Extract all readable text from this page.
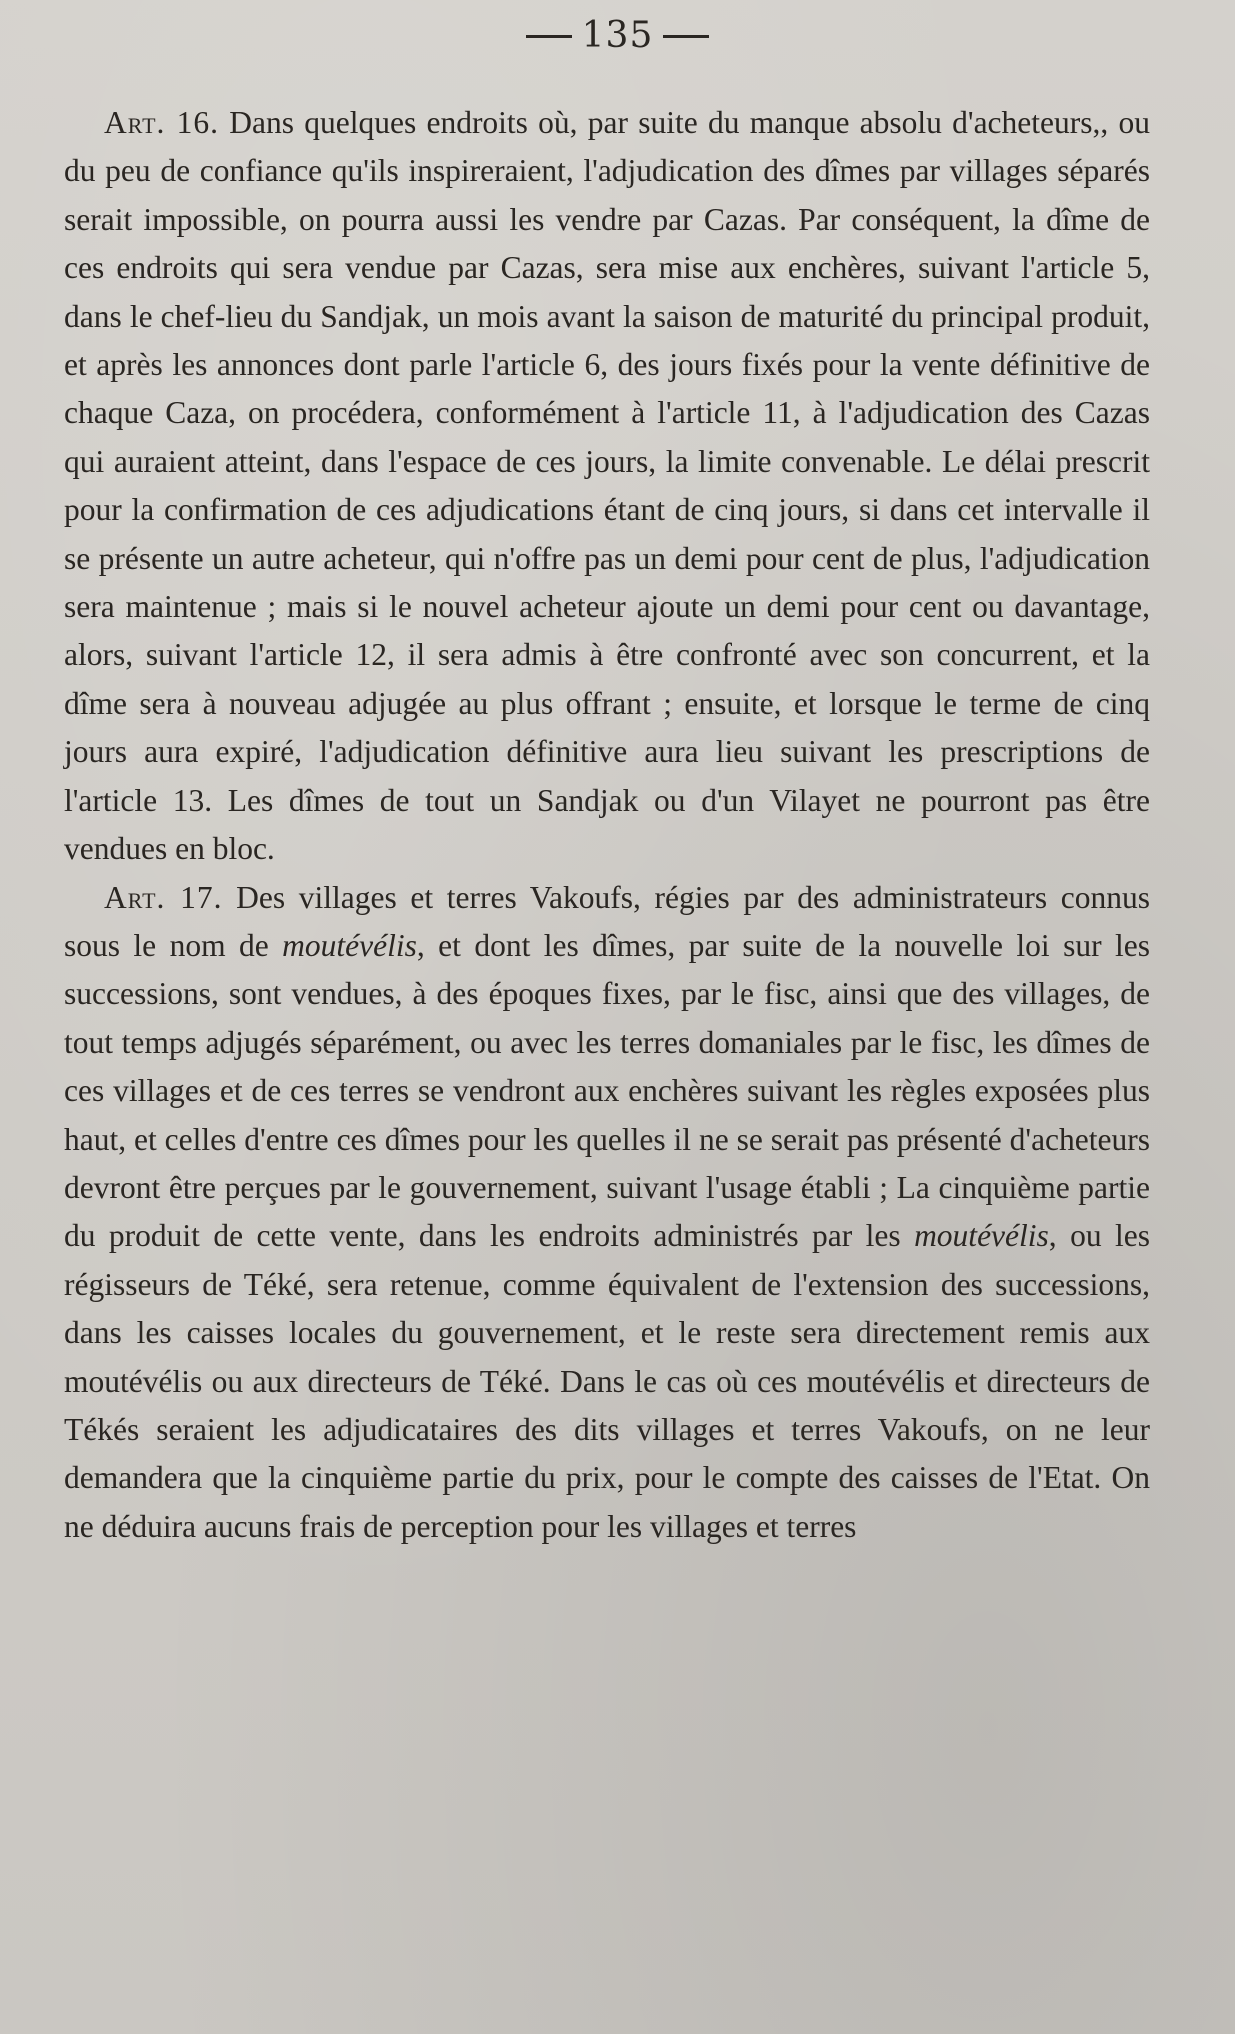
135

Art. 16. Dans quelques endroits où, par suite du manque absolu d'acheteurs,, ou du peu de confiance qu'ils inspireraient, l'adjudication des dîmes par villages séparés serait impossible, on pourra aussi les vendre par Cazas. Par conséquent, la dîme de ces endroits qui sera vendue par Cazas, sera mise aux enchères, suivant l'article 5, dans le chef-lieu du Sandjak, un mois avant la saison de maturité du principal produit, et après les annonces dont parle l'article 6, des jours fixés pour la vente définitive de chaque Caza, on procédera, conformément à l'article 11, à l'adjudication des Cazas qui auraient atteint, dans l'espace de ces jours, la limite convenable. Le délai prescrit pour la confirmation de ces adjudications étant de cinq jours, si dans cet intervalle il se présente un autre acheteur, qui n'offre pas un demi pour cent de plus, l'adjudication sera maintenue ; mais si le nouvel acheteur ajoute un demi pour cent ou davantage, alors, suivant l'article 12, il sera admis à être confronté avec son concurrent, et la dîme sera à nouveau adjugée au plus offrant ; ensuite, et lorsque le terme de cinq jours aura expiré, l'adjudication définitive aura lieu suivant les prescriptions de l'article 13. Les dîmes de tout un Sandjak ou d'un Vilayet ne pourront pas être vendues en bloc.

Art. 17. Des villages et terres Vakoufs, régies par des administrateurs connus sous le nom de moutévélis, et dont les dîmes, par suite de la nouvelle loi sur les successions, sont vendues, à des époques fixes, par le fisc, ainsi que des villages, de tout temps adjugés séparément, ou avec les terres domaniales par le fisc, les dîmes de ces villages et de ces terres se vendront aux enchères suivant les règles exposées plus haut, et celles d'entre ces dîmes pour les quelles il ne se serait pas présenté d'acheteurs devront être perçues par le gouvernement, suivant l'usage établi ; La cinquième partie du produit de cette vente, dans les endroits administrés par les moutévélis, ou les régisseurs de Téké, sera retenue, comme équivalent de l'extension des successions, dans les caisses locales du gouvernement, et le reste sera directement remis aux moutévélis ou aux directeurs de Téké. Dans le cas où ces moutévélis et directeurs de Tékés seraient les adjudicataires des dits villages et terres Vakoufs, on ne leur demandera que la cinquième partie du prix, pour le compte des caisses de l'Etat. On ne déduira aucuns frais de perception pour les villages et terres
